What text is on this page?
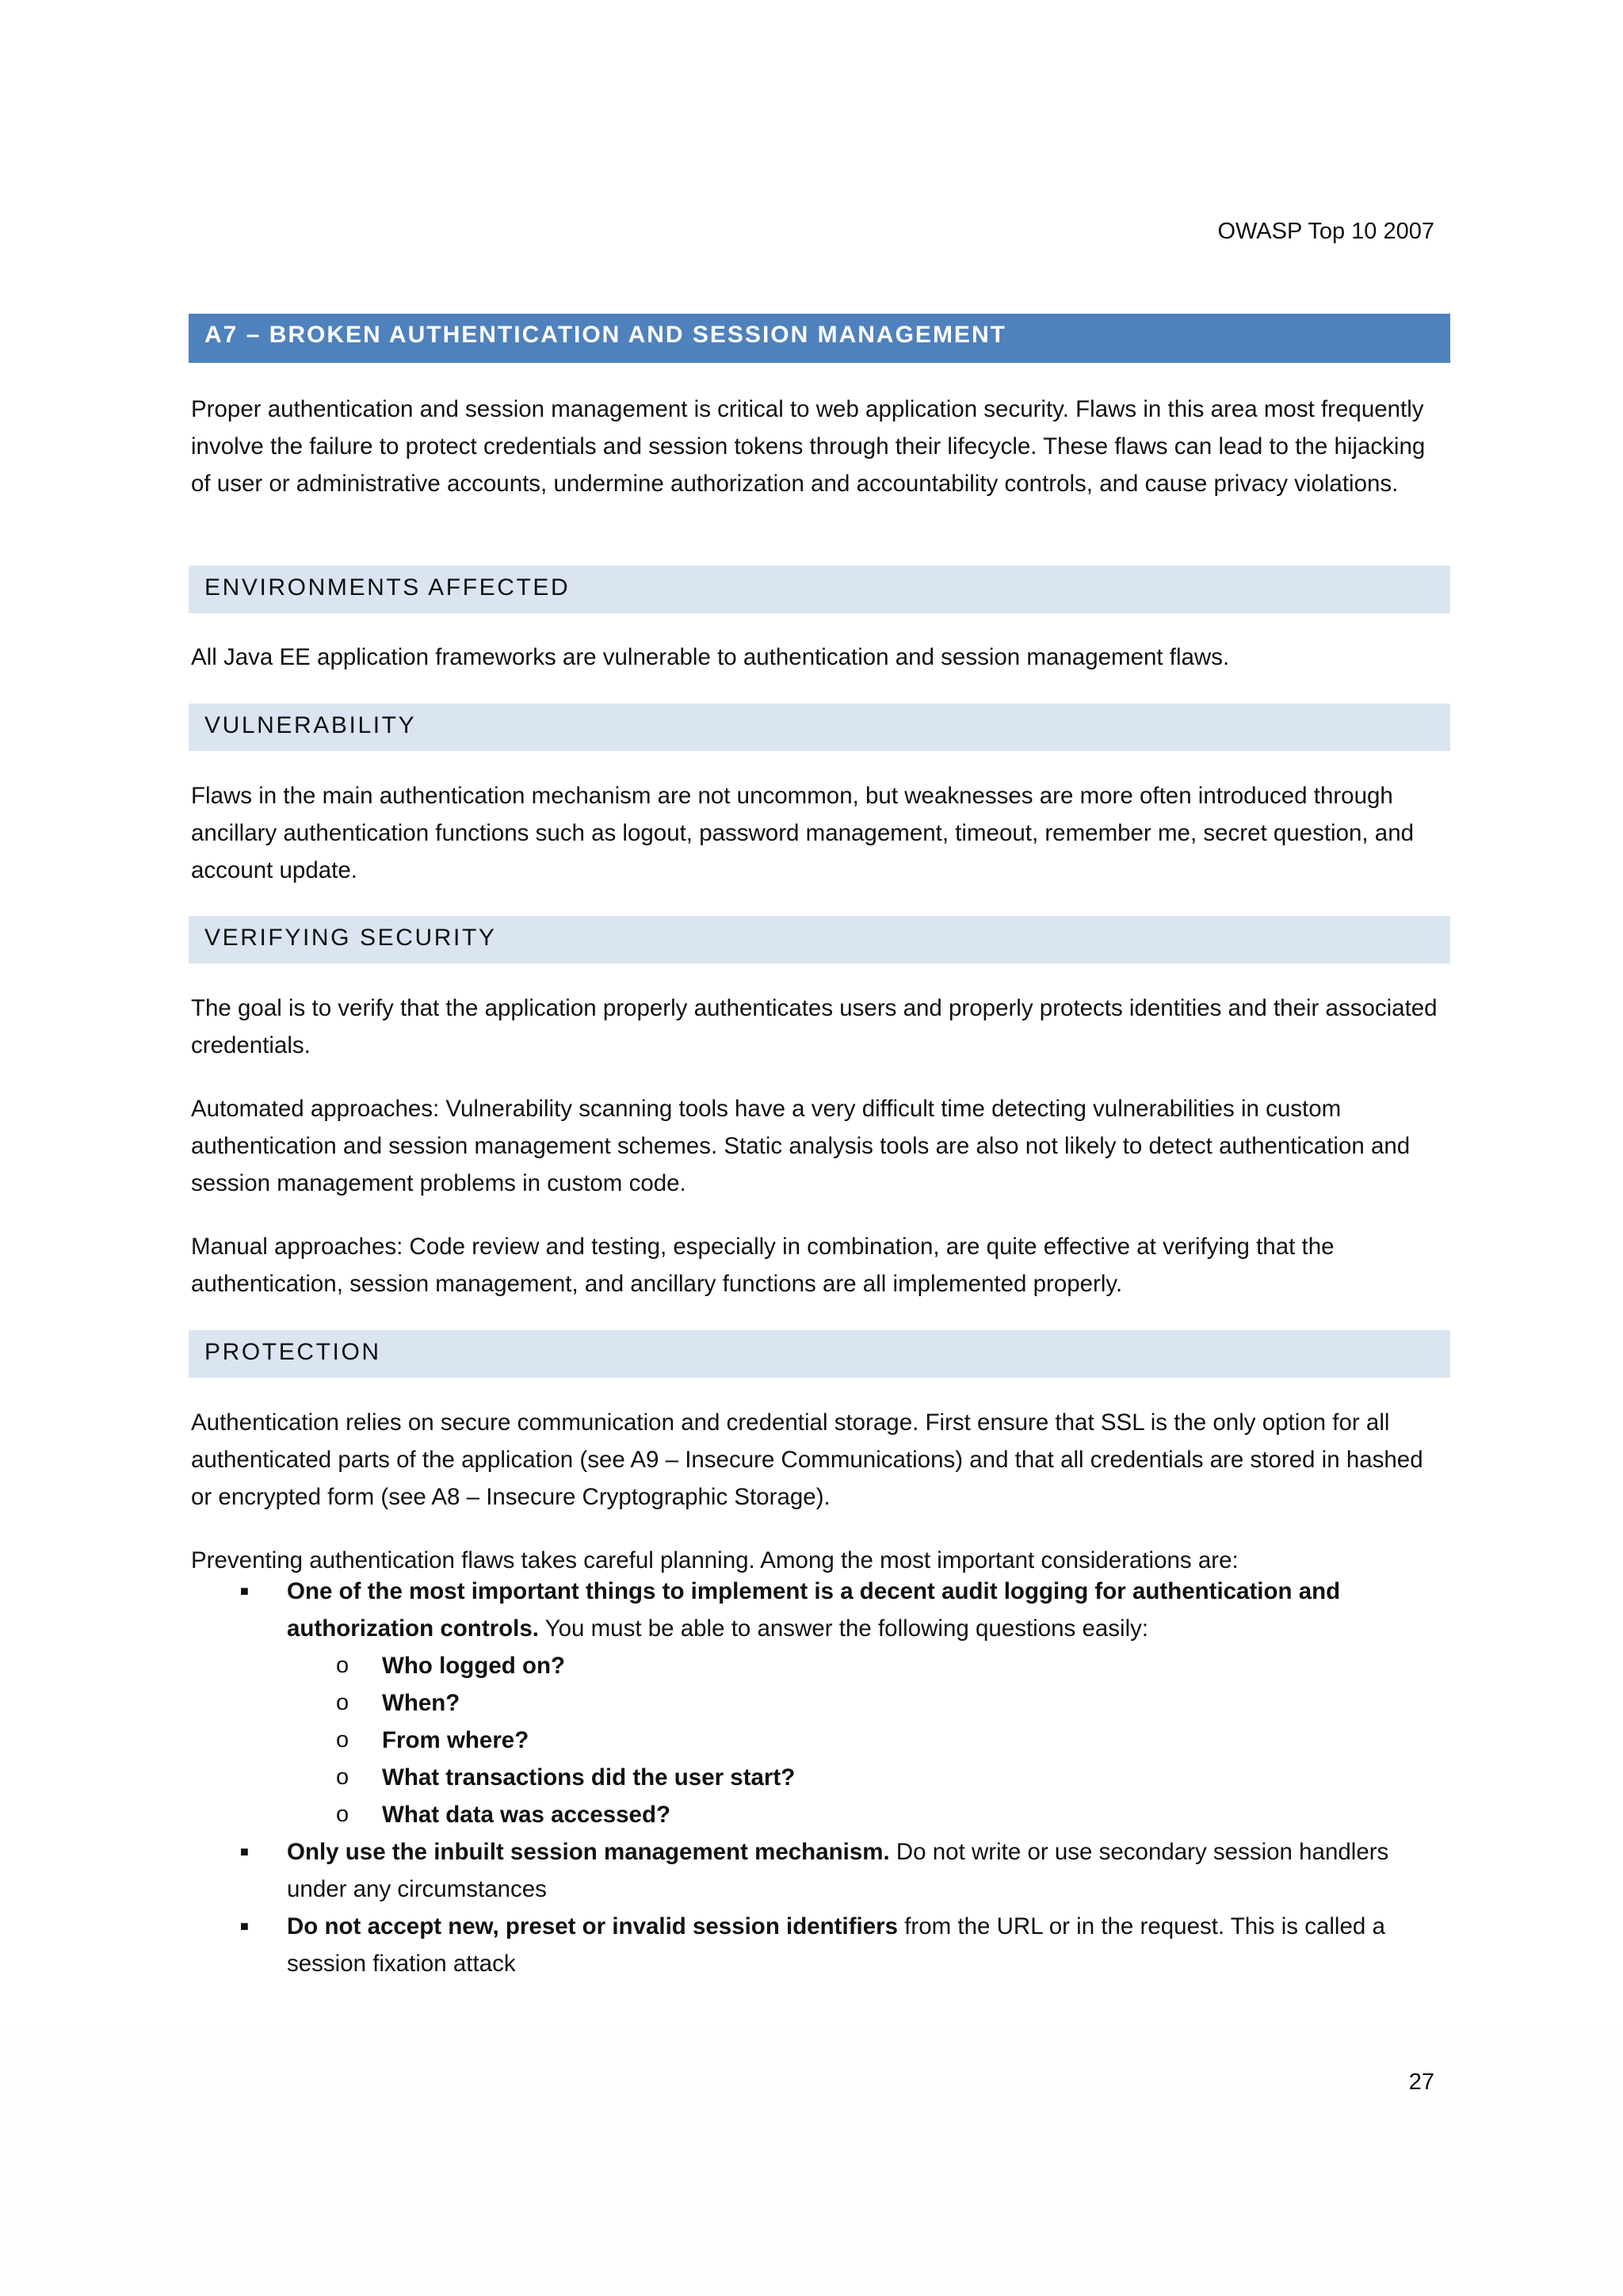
OWASP Top 10 2007
A7 – BROKEN AUTHENTICATION AND SESSION MANAGEMENT

Proper authentication and session management is critical to web application security. Flaws in this area most frequently involve the failure to protect credentials and session tokens through their lifecycle. These flaws can lead to the hijacking of user or administrative accounts, undermine authorization and accountability controls, and cause privacy violations.

ENVIRONMENTS AFFECTED

All Java EE application frameworks are vulnerable to authentication and session management flaws.

VULNERABILITY

Flaws in the main authentication mechanism are not uncommon, but weaknesses are more often introduced through ancillary authentication functions such as logout, password management, timeout, remember me, secret question, and account update.

VERIFYING SECURITY

The goal is to verify that the application properly authenticates users and properly protects identities and their associated credentials.

Automated approaches: Vulnerability scanning tools have a very difficult time detecting vulnerabilities in custom authentication and session management schemes. Static analysis tools are also not likely to detect authentication and session management problems in custom code.

Manual approaches: Code review and testing, especially in combination, are quite effective at verifying that the authentication, session management, and ancillary functions are all implemented properly.

PROTECTION

Authentication relies on secure communication and credential storage. First ensure that SSL is the only option for all authenticated parts of the application (see A9 – Insecure Communications) and that all credentials are stored in hashed or encrypted form (see A8 – Insecure Cryptographic Storage).

Preventing authentication flaws takes careful planning. Among the most important considerations are:

■ One of the most important things to implement is a decent audit logging for authentication and authorization controls. You must be able to answer the following questions easily:
o Who logged on?
o When?
o From where?
o What transactions did the user start?
o What data was accessed?
■ Only use the inbuilt session management mechanism. Do not write or use secondary session handlers under any circumstances
■ Do not accept new, preset or invalid session identifiers from the URL or in the request. This is called a session fixation attack
27
